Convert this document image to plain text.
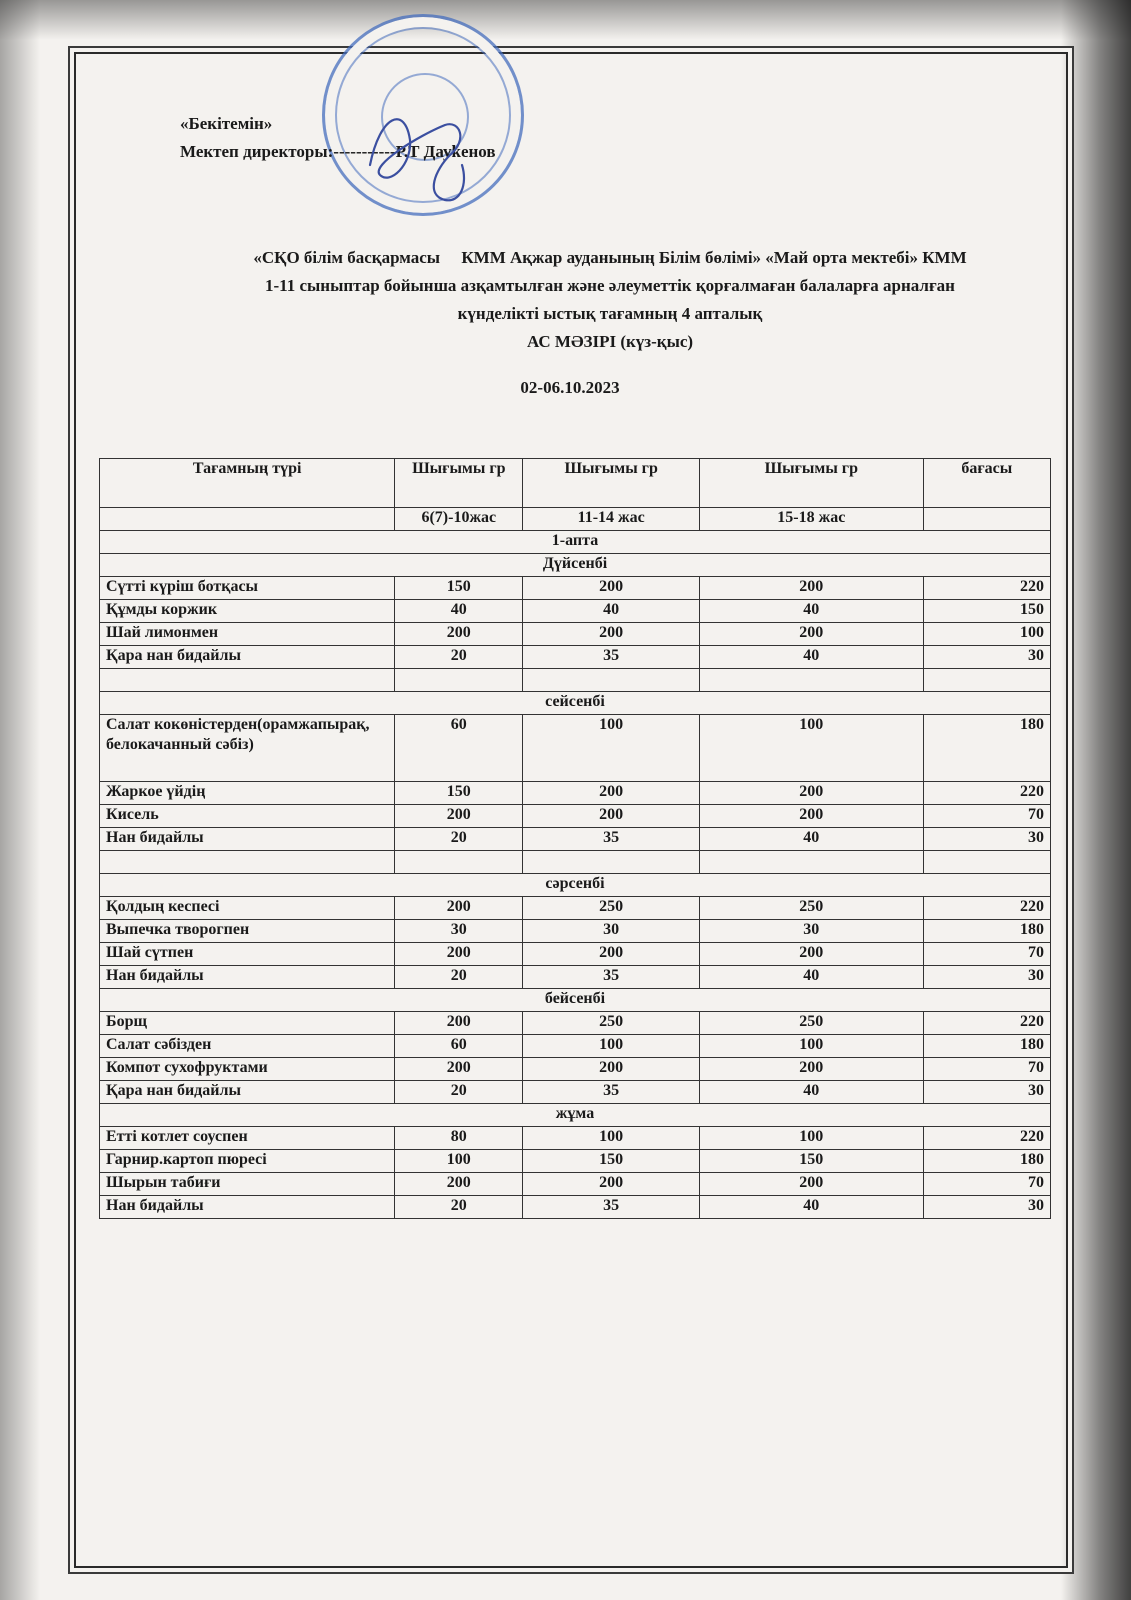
«Бекітемін»
Мектеп директоры:-----------Р.Т Дауkенов
«СҚО білім басқармасы     КММ Ақжар ауданының Білім бөлімі» «Май орта мектебі» КММ
1-11 сыныптар бойынша азқамтылған және әлеуметтік қорғалмаған балаларға арналған
күнделікті ыстық тағамның 4 апталық
АС МӘЗІРІ (күз-қыс)
02-06.10.2023
Тағамның түрі	Шығымы гр	Шығымы гр	Шығымы гр	бағасы
	6(7)-10жас	11-14 жас	15-18 жас	
1-апта				
Дүйсенбі				
Сүтті күріш ботқасы	150	200	200	220
Құмды коржик	40	40	40	150
Шай лимонмен	200	200	200	100
Қара нан бидайлы	20	35	40	30

сейсенбі				
Салат кокөністерден(орамжапырақ, белокачанный сәбіз)	60	100	100	180
Жаркое үйдің	150	200	200	220
Кисель	200	200	200	70
Нан бидайлы	20	35	40	30

сәрсенбі				
Қолдың кеспесі	200	250	250	220
Выпечка творогпен	30	30	30	180
Шай сүтпен	200	200	200	70
Нан бидайлы	20	35	40	30
бейсенбі				
Борщ	200	250	250	220
Салат сәбізден	60	100	100	180
Компот сухофруктами	200	200	200	70
Қара нан бидайлы	20	35	40	30
жұма				
Етті котлет соуспен	80	100	100	220
Гарнир.картоп пюресі	100	150	150	180
Шырын табиғи	200	200	200	70
Нан бидайлы	20	35	40	30
